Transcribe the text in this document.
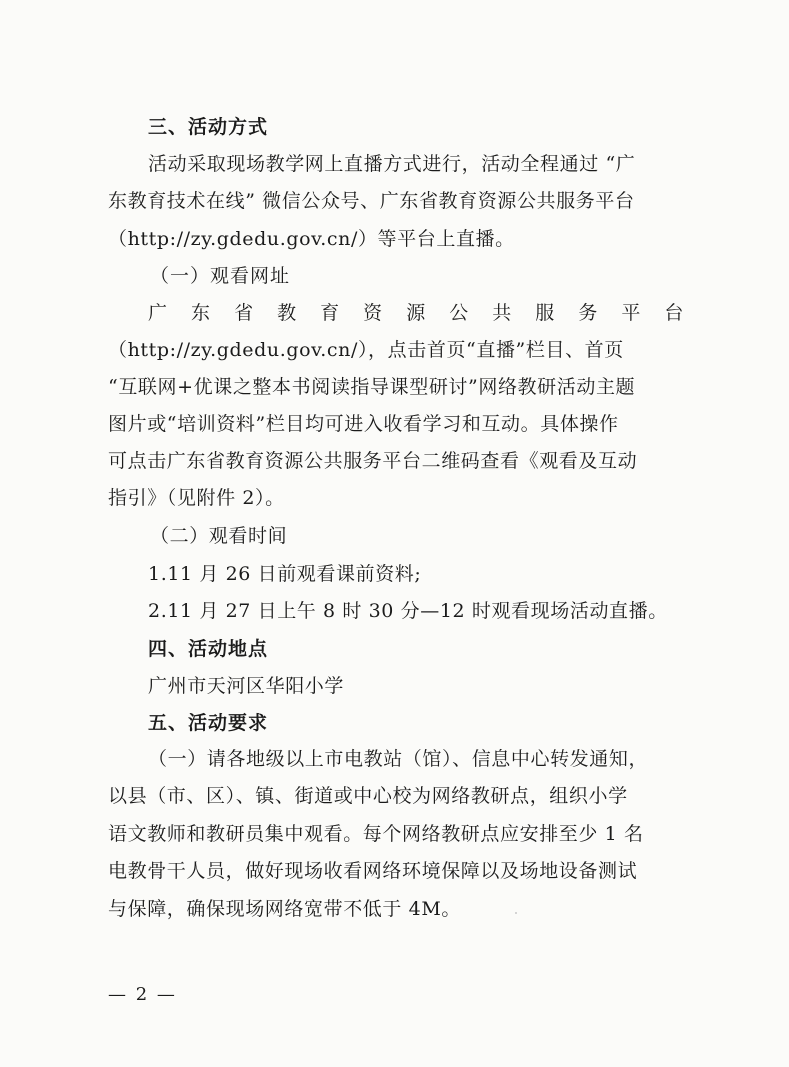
三、活动方式
活动采取现场教学网上直播方式进行，活动全程通过 “广
东教育技术在线” 微信公众号、广东省教育资源公共服务平台
（http://zy.gdedu.gov.cn/）等平台上直播。
（一）观看网址
广 东 省 教 育 资 源 公 共 服 务 平 台
（http://zy.gdedu.gov.cn/），点击首页“直播”栏目、首页
“互联网+优课之整本书阅读指导课型研讨”网络教研活动主题
图片或“培训资料”栏目均可进入收看学习和互动。具体操作
可点击广东省教育资源公共服务平台二维码查看《观看及互动
指引》（见附件 2）。
（二）观看时间
1.11 月 26 日前观看课前资料;
2.11 月 27 日上午 8 时 30 分—12 时观看现场活动直播。
四、活动地点
广州市天河区华阳小学
五、活动要求
（一）请各地级以上市电教站（馆）、信息中心转发通知，
以县（市、区）、镇、街道或中心校为网络教研点，组织小学
语文教师和教研员集中观看。每个网络教研点应安排至少 1 名
电教骨干人员，做好现场收看网络环境保障以及场地设备测试
与保障，确保现场网络宽带不低于 4M。
— 2 —
